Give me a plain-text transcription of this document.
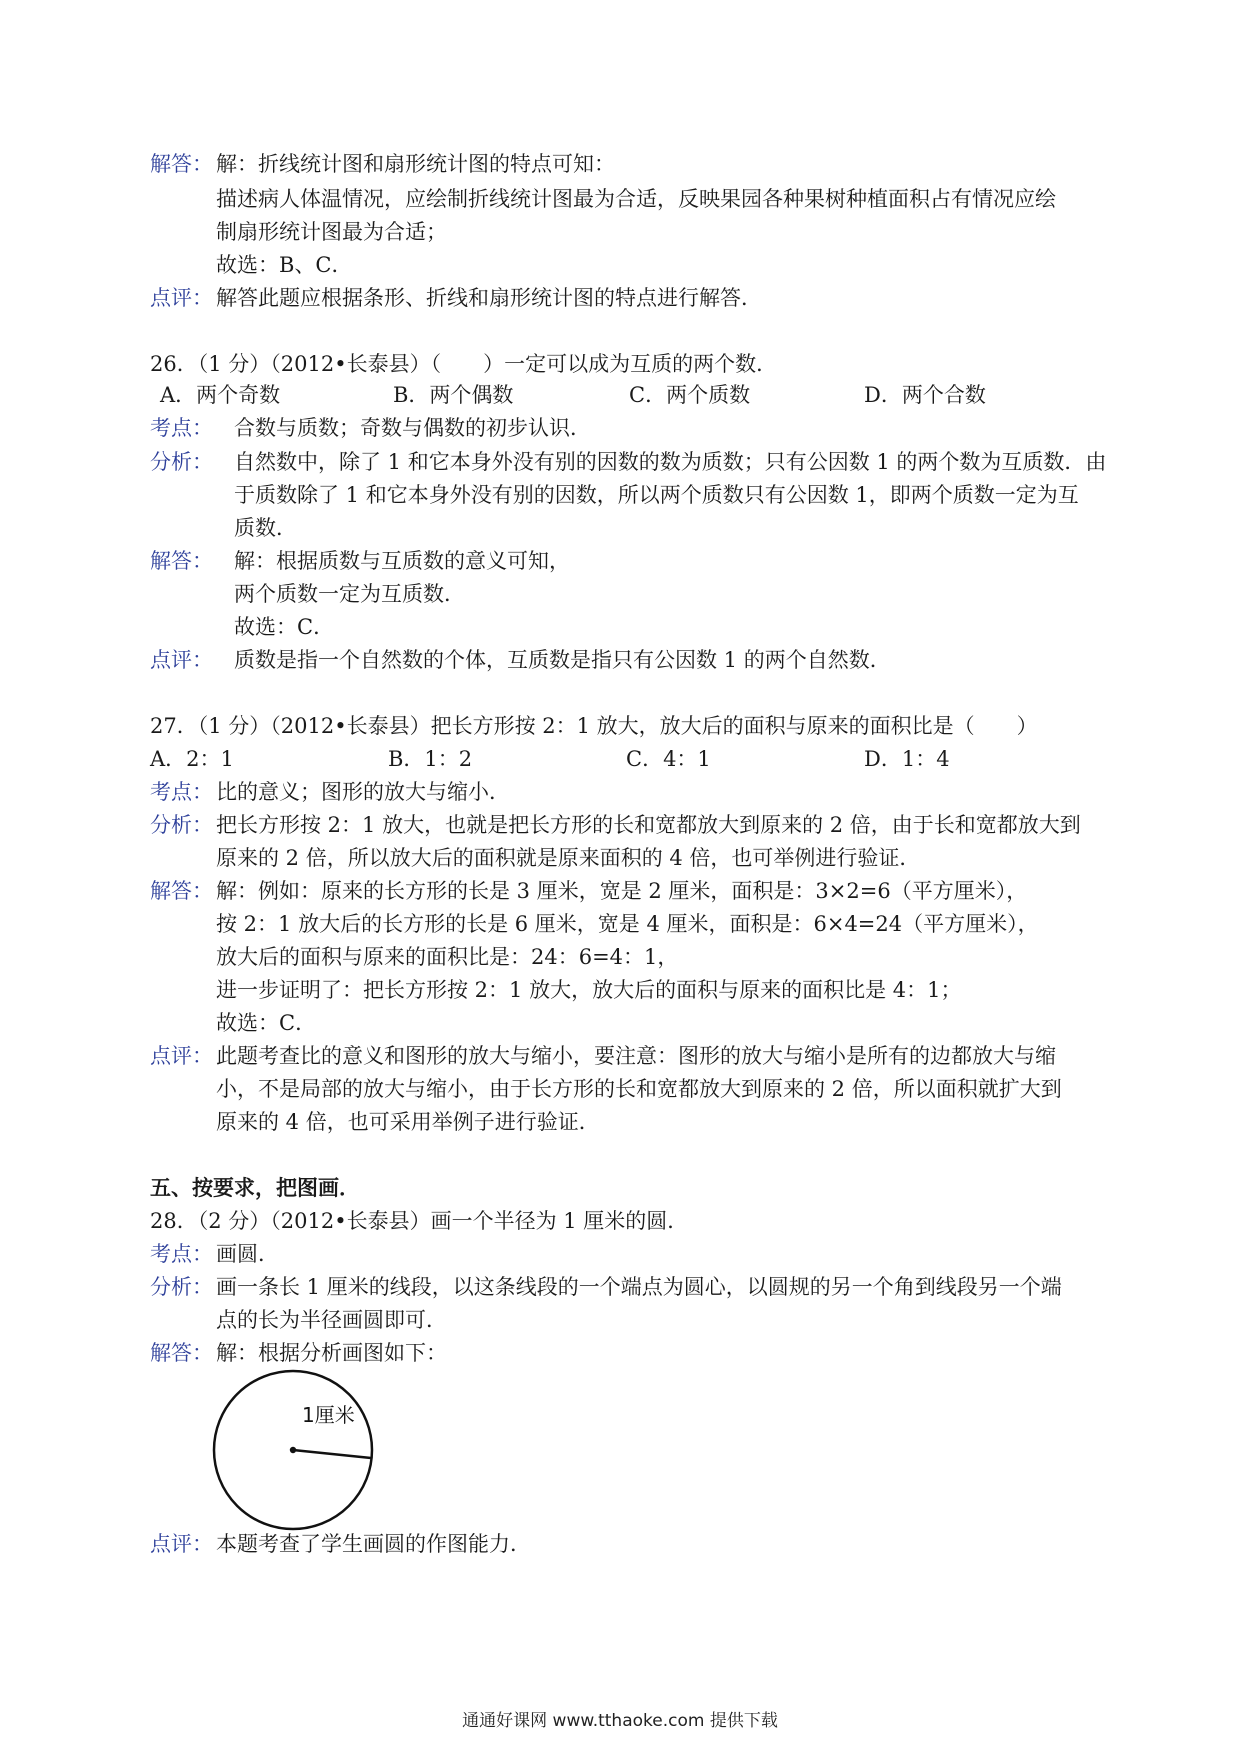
解答： 解：折线统计图和扇形统计图的特点可知：
描述病人体温情况，应绘制折线统计图最为合适，反映果园各种果树种植面积占有情况应绘
制扇形统计图最为合适；
故选：B、C．
点评： 解答此题应根据条形、折线和扇形统计图的特点进行解答．
26．（1 分）（2012•长泰县）（　　）一定可以成为互质的两个数．
A．两个奇数	B．两个偶数	C．两个质数	D．两个合数
考点： 合数与质数；奇数与偶数的初步认识．
分析： 自然数中，除了 1 和它本身外没有别的因数的数为质数；只有公因数 1 的两个数为互质数．由
于质数除了 1 和它本身外没有别的因数，所以两个质数只有公因数 1，即两个质数一定为互
质数．
解答： 解：根据质数与互质数的意义可知，
两个质数一定为互质数．
故选：C．
点评： 质数是指一个自然数的个体，互质数是指只有公因数 1 的两个自然数．
27．（1 分）（2012•长泰县）把长方形按 2：1 放大，放大后的面积与原来的面积比是（　　）
A．2：1	B．1：2	C．4：1	D．1：4
考点： 比的意义；图形的放大与缩小．
分析： 把长方形按 2：1 放大，也就是把长方形的长和宽都放大到原来的 2 倍，由于长和宽都放大到
原来的 2 倍，所以放大后的面积就是原来面积的 4 倍，也可举例进行验证．
解答： 解：例如：原来的长方形的长是 3 厘米，宽是 2 厘米，面积是：3×2=6（平方厘米），
按 2：1 放大后的长方形的长是 6 厘米，宽是 4 厘米，面积是：6×4=24（平方厘米），
放大后的面积与原来的面积比是：24：6=4：1，
进一步证明了：把长方形按 2：1 放大，放大后的面积与原来的面积比是 4：1；
故选：C．
点评： 此题考查比的意义和图形的放大与缩小，要注意：图形的放大与缩小是所有的边都放大与缩
小，不是局部的放大与缩小，由于长方形的长和宽都放大到原来的 2 倍，所以面积就扩大到
原来的 4 倍，也可采用举例子进行验证．
五、按要求，把图画．
28．（2 分）（2012•长泰县）画一个半径为 1 厘米的圆．
考点： 画圆．
分析： 画一条长 1 厘米的线段，以这条线段的一个端点为圆心，以圆规的另一个角到线段另一个端
点的长为半径画圆即可．
解答： 解：根据分析画图如下：
1厘米
点评： 本题考查了学生画圆的作图能力．
通通好课网 www.tthaoke.com 提供下载
